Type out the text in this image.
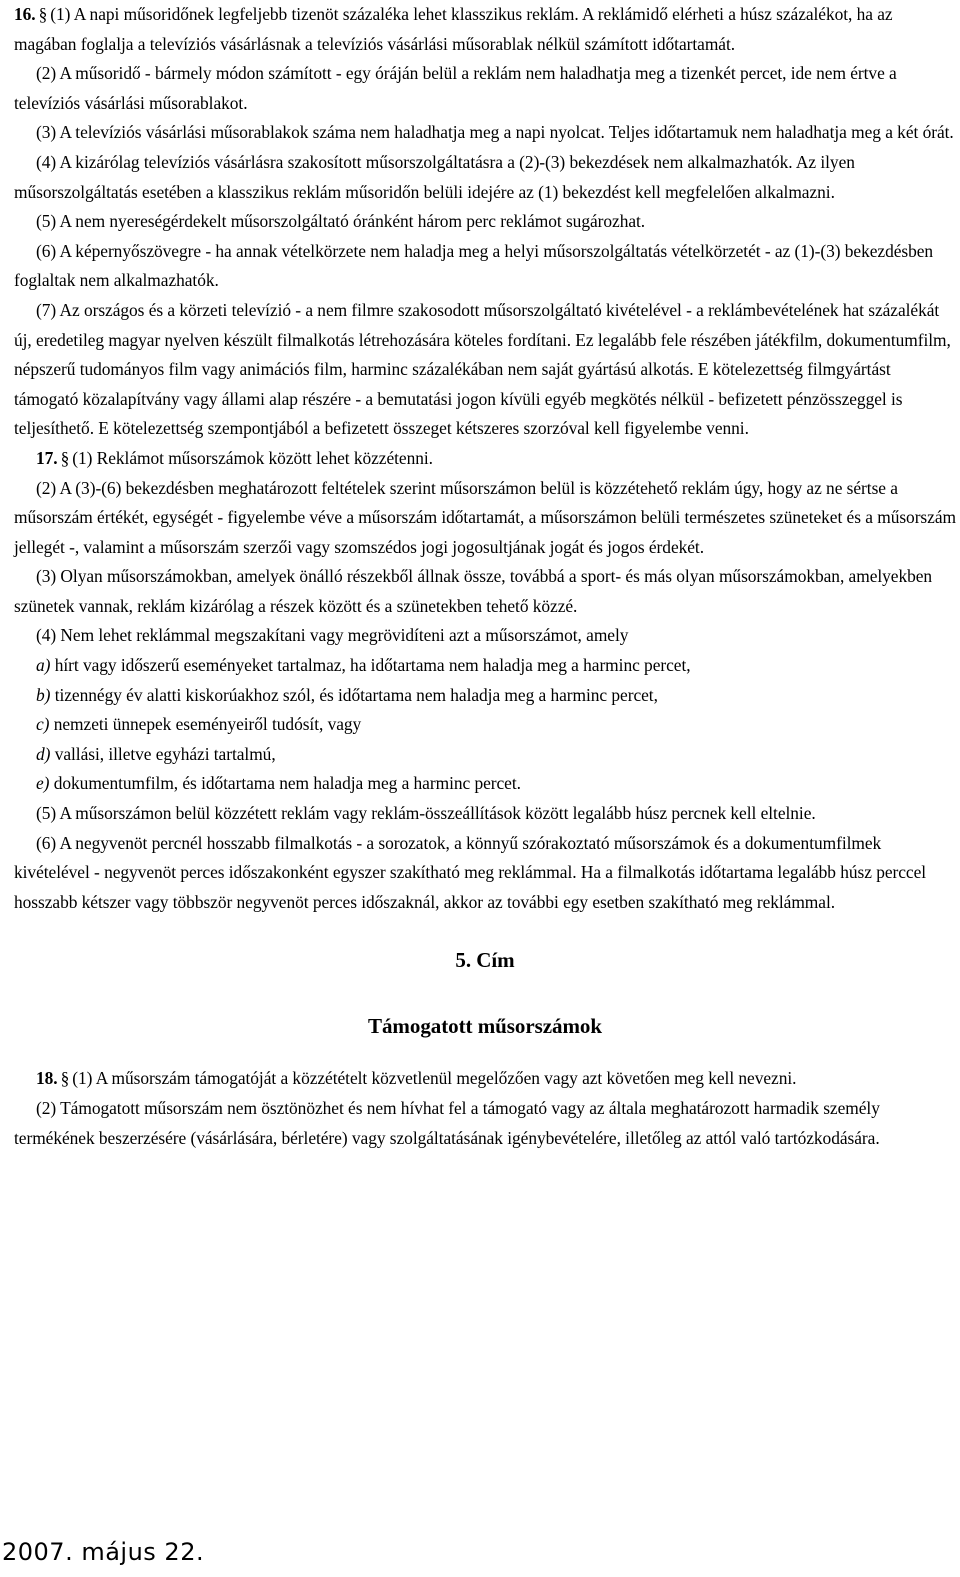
16. § (1) A napi műsoridőnek legfeljebb tizenöt százaléka lehet klasszikus reklám. A reklámidő elérheti a húsz százalékot, ha az magában foglalja a televíziós vásárlásnak a televíziós vásárlási műsorablak nélkül számított időtartamát.

(2) A műsoridő - bármely módon számított - egy óráján belül a reklám nem haladhatja meg a tizenkét percet, ide nem értve a televíziós vásárlási műsorablakot.

(3) A televíziós vásárlási műsorablakok száma nem haladhatja meg a napi nyolcat. Teljes időtartamuk nem haladhatja meg a két órát.

(4) A kizárólag televíziós vásárlásra szakosított műsorszolgáltatásra a (2)-(3) bekezdések nem alkalmazhatók. Az ilyen műsorszolgáltatás esetében a klasszikus reklám műsoridőn belüli idejére az (1) bekezdést kell megfelelően alkalmazni.

(5) A nem nyereségérdekelt műsorszolgáltató óránként három perc reklámot sugározhat.

(6) A képernyőszövegre - ha annak vételkörzete nem haladja meg a helyi műsorszolgáltatás vételkörzetét - az (1)-(3) bekezdésben foglaltak nem alkalmazhatók.

(7) Az országos és a körzeti televízió - a nem filmre szakosodott műsorszolgáltató kivételével - a reklámbevételének hat százalékát új, eredetileg magyar nyelven készült filmalkotás létrehozására köteles fordítani. Ez legalább fele részében játékfilm, dokumentumfilm, népszerű tudományos film vagy animációs film, harminc százalékában nem saját gyártású alkotás. E kötelezettség filmgyártást támogató közalapítvány vagy állami alap részére - a bemutatási jogon kívüli egyéb megkötés nélkül - befizetett pénzösszeggel is teljesíthető. E kötelezettség szempontjából a befizetett összeget kétszeres szorzóval kell figyelembe venni.

17. § (1) Reklámot műsorszámok között lehet közzétenni.

(2) A (3)-(6) bekezdésben meghatározott feltételek szerint műsorszámon belül is közzétehető reklám úgy, hogy az ne sértse a műsorszám értékét, egységét - figyelembe véve a műsorszám időtartamát, a műsorszámon belüli természetes szüneteket és a műsorszám jellegét -, valamint a műsorszám szerzői vagy szomszédos jogi jogosultjának jogát és jogos érdekét.

(3) Olyan műsorszámokban, amelyek önálló részekből állnak össze, továbbá a sport- és más olyan műsorszámokban, amelyekben szünetek vannak, reklám kizárólag a részek között és a szünetekben tehető közzé.

(4) Nem lehet reklámmal megszakítani vagy megrövidíteni azt a műsorszámot, amely

a) hírt vagy időszerű eseményeket tartalmaz, ha időtartama nem haladja meg a harminc percet,

b) tizennégy év alatti kiskorúakhoz szól, és időtartama nem haladja meg a harminc percet,

c) nemzeti ünnepek eseményeiről tudósít, vagy

d) vallási, illetve egyházi tartalmú,

e) dokumentumfilm, és időtartama nem haladja meg a harminc percet.

(5) A műsorszámon belül közzétett reklám vagy reklám-összeállítások között legalább húsz percnek kell eltelnie.

(6) A negyvenöt percnél hosszabb filmalkotás - a sorozatok, a könnyű szórakoztató műsorszámok és a dokumentumfilmek kivételével - negyvenöt perces időszakonként egyszer szakítható meg reklámmal. Ha a filmalkotás időtartama legalább húsz perccel hosszabb kétszer vagy többször negyvenöt perces időszaknál, akkor az további egy esetben szakítható meg reklámmal.

5. Cím
Támogatott műsorszámok

18. § (1) A műsorszám támogatóját a közzétételt közvetlenül megelőzően vagy azt követően meg kell nevezni.

(2) Támogatott műsorszám nem ösztönözhet és nem hívhat fel a támogató vagy az általa meghatározott harmadik személy termékének beszerzésére (vásárlására, bérletére) vagy szolgáltatásának igénybevételére, illetőleg az attól való tartózkodására.

2007. május 22.
